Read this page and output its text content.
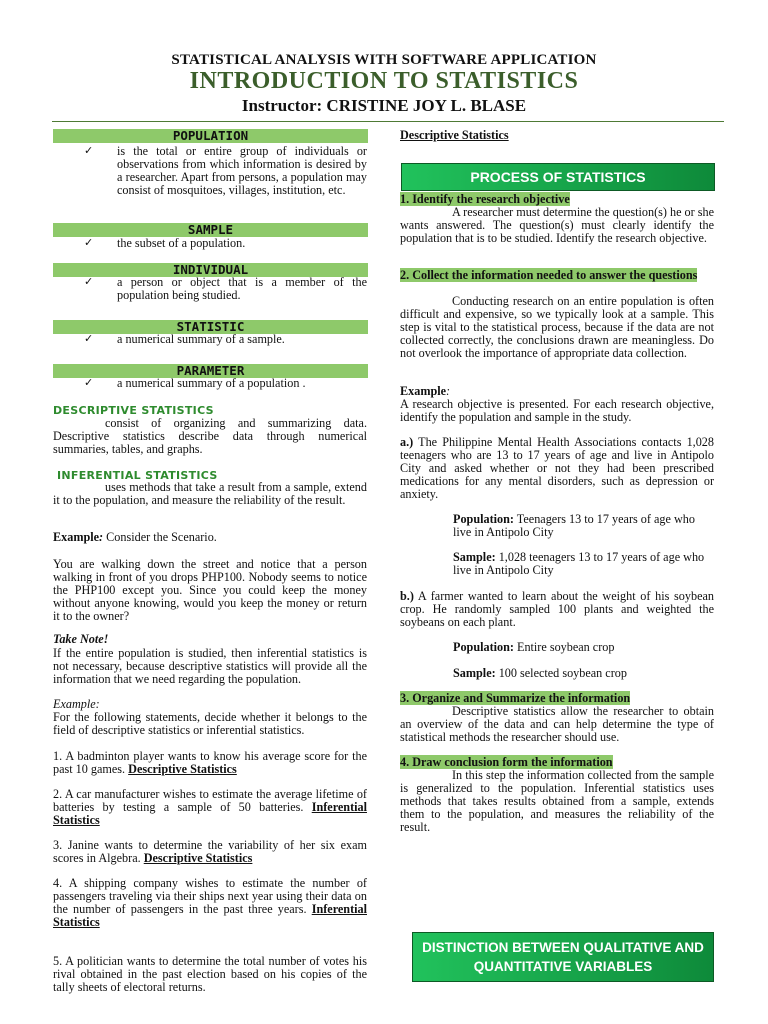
STATISTICAL ANALYSIS WITH SOFTWARE APPLICATION
INTRODUCTION TO STATISTICS
Instructor: CRISTINE JOY L. BLASE
POPULATION
✓ is the total or entire group of individuals or observations from which information is desired by a researcher. Apart from persons, a population may consist of mosquitoes, villages, institution, etc.
SAMPLE
✓ the subset of a population.
INDIVIDUAL
✓ a person or object that is a member of the population being studied.
STATISTIC
✓ a numerical summary of a sample.
PARAMETER
✓ a numerical summary of a population .
DESCRIPTIVE STATISTICS
consist of organizing and summarizing data. Descriptive statistics describe data through numerical summaries, tables, and graphs.
INFERENTIAL STATISTICS
uses methods that take a result from a sample, extend it to the population, and measure the reliability of the result.
Example: Consider the Scenario.
You are walking down the street and notice that a person walking in front of you drops PHP100. Nobody seems to notice the PHP100 except you. Since you could keep the money without anyone knowing, would you keep the money or return it to the owner?
Take Note!
If the entire population is studied, then inferential statistics is not necessary, because descriptive statistics will provide all the information that we need regarding the population.
Example:
For the following statements, decide whether it belongs to the field of descriptive statistics or inferential statistics.
1. A badminton player wants to know his average score for the past 10 games. Descriptive Statistics
2. A car manufacturer wishes to estimate the average lifetime of batteries by testing a sample of 50 batteries. Inferential Statistics
3. Janine wants to determine the variability of her six exam scores in Algebra. Descriptive Statistics
4. A shipping company wishes to estimate the number of passengers traveling via their ships next year using their data on the number of passengers in the past three years. Inferential Statistics
5. A politician wants to determine the total number of votes his rival obtained in the past election based on his copies of the tally sheets of electoral returns.
Descriptive Statistics
PROCESS OF STATISTICS
1. Identify the research objective
A researcher must determine the question(s) he or she wants answered. The question(s) must clearly identify the population that is to be studied. Identify the research objective.
2. Collect the information needed to answer the questions
Conducting research on an entire population is often difficult and expensive, so we typically look at a sample. This step is vital to the statistical process, because if the data are not collected correctly, the conclusions drawn are meaningless. Do not overlook the importance of appropriate data collection.
Example:
A research objective is presented. For each research objective, identify the population and sample in the study.
a.) The Philippine Mental Health Associations contacts 1,028 teenagers who are 13 to 17 years of age and live in Antipolo City and asked whether or not they had been prescribed medications for any mental disorders, such as depression or anxiety.
Population: Teenagers 13 to 17 years of age who live in Antipolo City
Sample: 1,028 teenagers 13 to 17 years of age who live in Antipolo City
b.) A farmer wanted to learn about the weight of his soybean crop. He randomly sampled 100 plants and weighted the soybeans on each plant.
Population: Entire soybean crop
Sample: 100 selected soybean crop
3. Organize and Summarize the information
Descriptive statistics allow the researcher to obtain an overview of the data and can help determine the type of statistical methods the researcher should use.
4. Draw conclusion form the information
In this step the information collected from the sample is generalized to the population. Inferential statistics uses methods that takes results obtained from a sample, extends them to the population, and measures the reliability of the result.
DISTINCTION BETWEEN QUALITATIVE AND
QUANTITATIVE VARIABLES
